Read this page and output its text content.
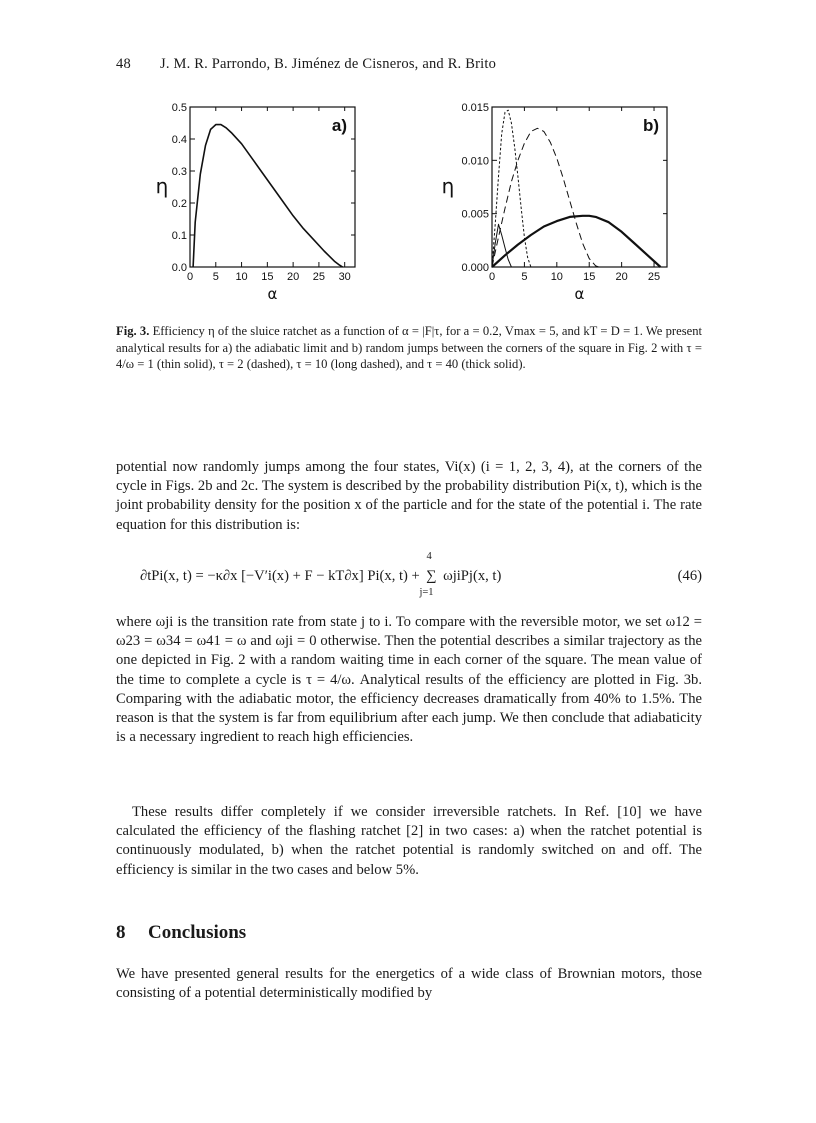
48 J. M. R. Parrondo, B. Jiménez de Cisneros, and R. Brito
0 5 10 15 20 25 30
0.0
0.1
0.2
0.3
0.4
0.5
a)
η
α
0 5 10 15 20 25
0.000
0.005
0.010
0.015
b)
η
α
Fig. 3. Efficiency η of the sluice ratchet as a function of α = |F|τ, for a = 0.2, Vmax = 5, and kT = D = 1. We present analytical results for a) the adiabatic limit and b) random jumps between the corners of the square in Fig. 2 with τ = 4/ω = 1 (thin solid), τ = 2 (dashed), τ = 10 (long dashed), and τ = 40 (thick solid).

potential now randomly jumps among the four states, Vi(x) (i = 1, 2, 3, 4), at the corners of the cycle in Figs. 2b and 2c. The system is described by the probability distribution Pi(x, t), which is the joint probability density for the position x of the particle and for the state of the potential i. The rate equation for this distribution is:

∂tPi(x, t) = −κ∂x [−V′i(x) + F − kT∂x] Pi(x, t) +
4
∑
j=1
ωjiPj(x, t)	(46)

where ωji is the transition rate from state j to i. To compare with the reversible motor, we set ω12 = ω23 = ω34 = ω41 = ω and ωji = 0 otherwise. Then the potential describes a similar trajectory as the one depicted in Fig. 2 with a random waiting time in each corner of the square. The mean value of the time to complete a cycle is τ = 4/ω. Analytical results of the efficiency are plotted in Fig. 3b. Comparing with the adiabatic motor, the efficiency decreases dramatically from 40% to 1.5%. The reason is that the system is far from equilibrium after each jump. We then conclude that adiabaticity is a necessary ingredient to reach high efficiencies.

These results differ completely if we consider irreversible ratchets. In Ref. [10] we have calculated the efficiency of the flashing ratchet [2] in two cases: a) when the ratchet potential is continuously modulated, b) when the ratchet potential is randomly switched on and off. The efficiency is similar in the two cases and below 5%.

8 Conclusions

We have presented general results for the energetics of a wide class of Brownian motors, those consisting of a potential deterministically modified by
